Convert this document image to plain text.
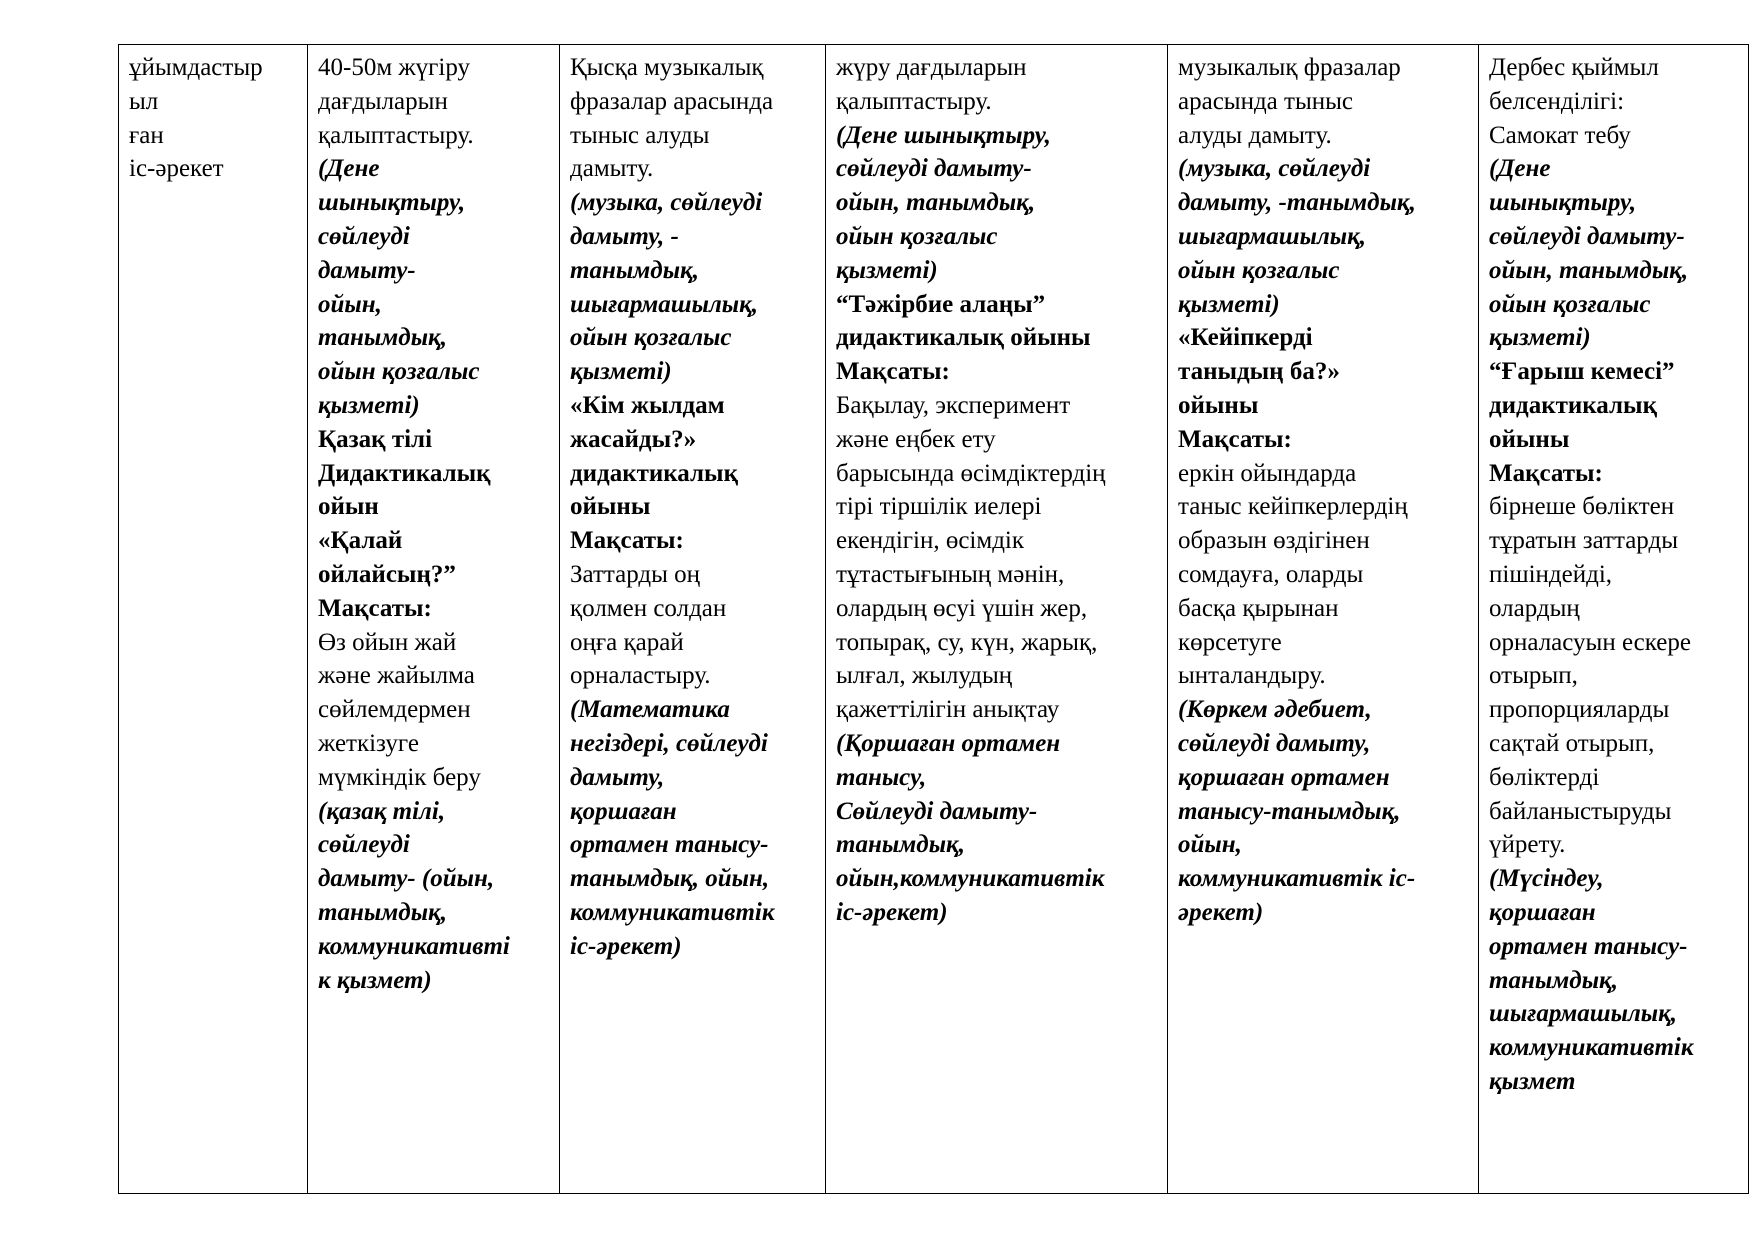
ұйымдастыр
ыл
ған
іс-әрекет

40-50м жүгіру
дағдыларын
қалыптастыру.
(Дене
шынықтыру,
сөйлеуді
дамыту-
ойын,
танымдық,
ойын қозғалыс
қызметі)
Қазақ тілі
Дидактикалық
ойын
«Қалай
ойлайсың?”
Мақсаты:
Өз ойын жай
және жайылма
сөйлемдермен
жеткізуге
мүмкіндік беру
(қазақ тілі,
сөйлеуді
дамыту- (ойын,
танымдық,
коммуникативті
к қызмет)

Қысқа музыкалық
фразалар арасында
тыныс алуды
дамыту.
(музыка, сөйлеуді
дамыту, -
танымдық,
шығармашылық,
ойын қозғалыс
қызметі)
«Кім жылдам
жасайды?»
дидактикалық
ойыны
Мақсаты:
Заттарды оң
қолмен солдан
оңға қарай
орналастыру.
(Математика
негіздері, сөйлеуді
дамыту,
қоршаған
ортамен танысу-
танымдық, ойын,
коммуникативтік
іс-әрекет)

жүру дағдыларын
қалыптастыру.
(Дене шынықтыру,
сөйлеуді дамыту-
ойын, танымдық,
ойын қозғалыс
қызметі)
“Тәжірбие алаңы”
дидактикалық ойыны
Мақсаты:
Бақылау, эксперимент
және еңбек ету
барысында өсімдіктердің
тірі тіршілік иелері
екендігін, өсімдік
тұтастығының мәнін,
олардың өсуі үшін жер,
топырақ, су, күн, жарық,
ылғал, жылудың
қажеттілігін анықтау
(Қоршаған ортамен
танысу,
Сөйлеуді дамыту-
танымдық,
ойын,коммуникативтік
іс-әрекет)

музыкалық фразалар
арасында тыныс
алуды дамыту.
(музыка, сөйлеуді
дамыту, -танымдық,
шығармашылық,
ойын қозғалыс
қызметі)
«Кейіпкерді
таныдың ба?»
ойыны
Мақсаты:
еркін ойындарда
таныс кейіпкерлердің
образын өздігінен
сомдауға, оларды
басқа қырынан
көрсетуге
ынталандыру.
(Көркем әдебиет,
сөйлеуді дамыту,
қоршаған ортамен
танысу-танымдық,
ойын,
коммуникативтік іс-
әрекет)

Дербес қыймыл
белсенділігі:
Самокат тебу
(Дене
шынықтыру,
сөйлеуді дамыту-
ойын, танымдық,
ойын қозғалыс
қызметі)
“Ғарыш кемесі”
дидактикалық
ойыны
Мақсаты:
бірнеше бөліктен
тұратын заттарды
пішіндейді,
олардың
орналасуын ескере
отырып,
пропорцияларды
сақтай отырып,
бөліктерді
байланыстыруды
үйрету.
(Мүсіндеу,
қоршаған
ортамен танысу-
танымдық,
шығармашылық,
коммуникативтік
қызмет
